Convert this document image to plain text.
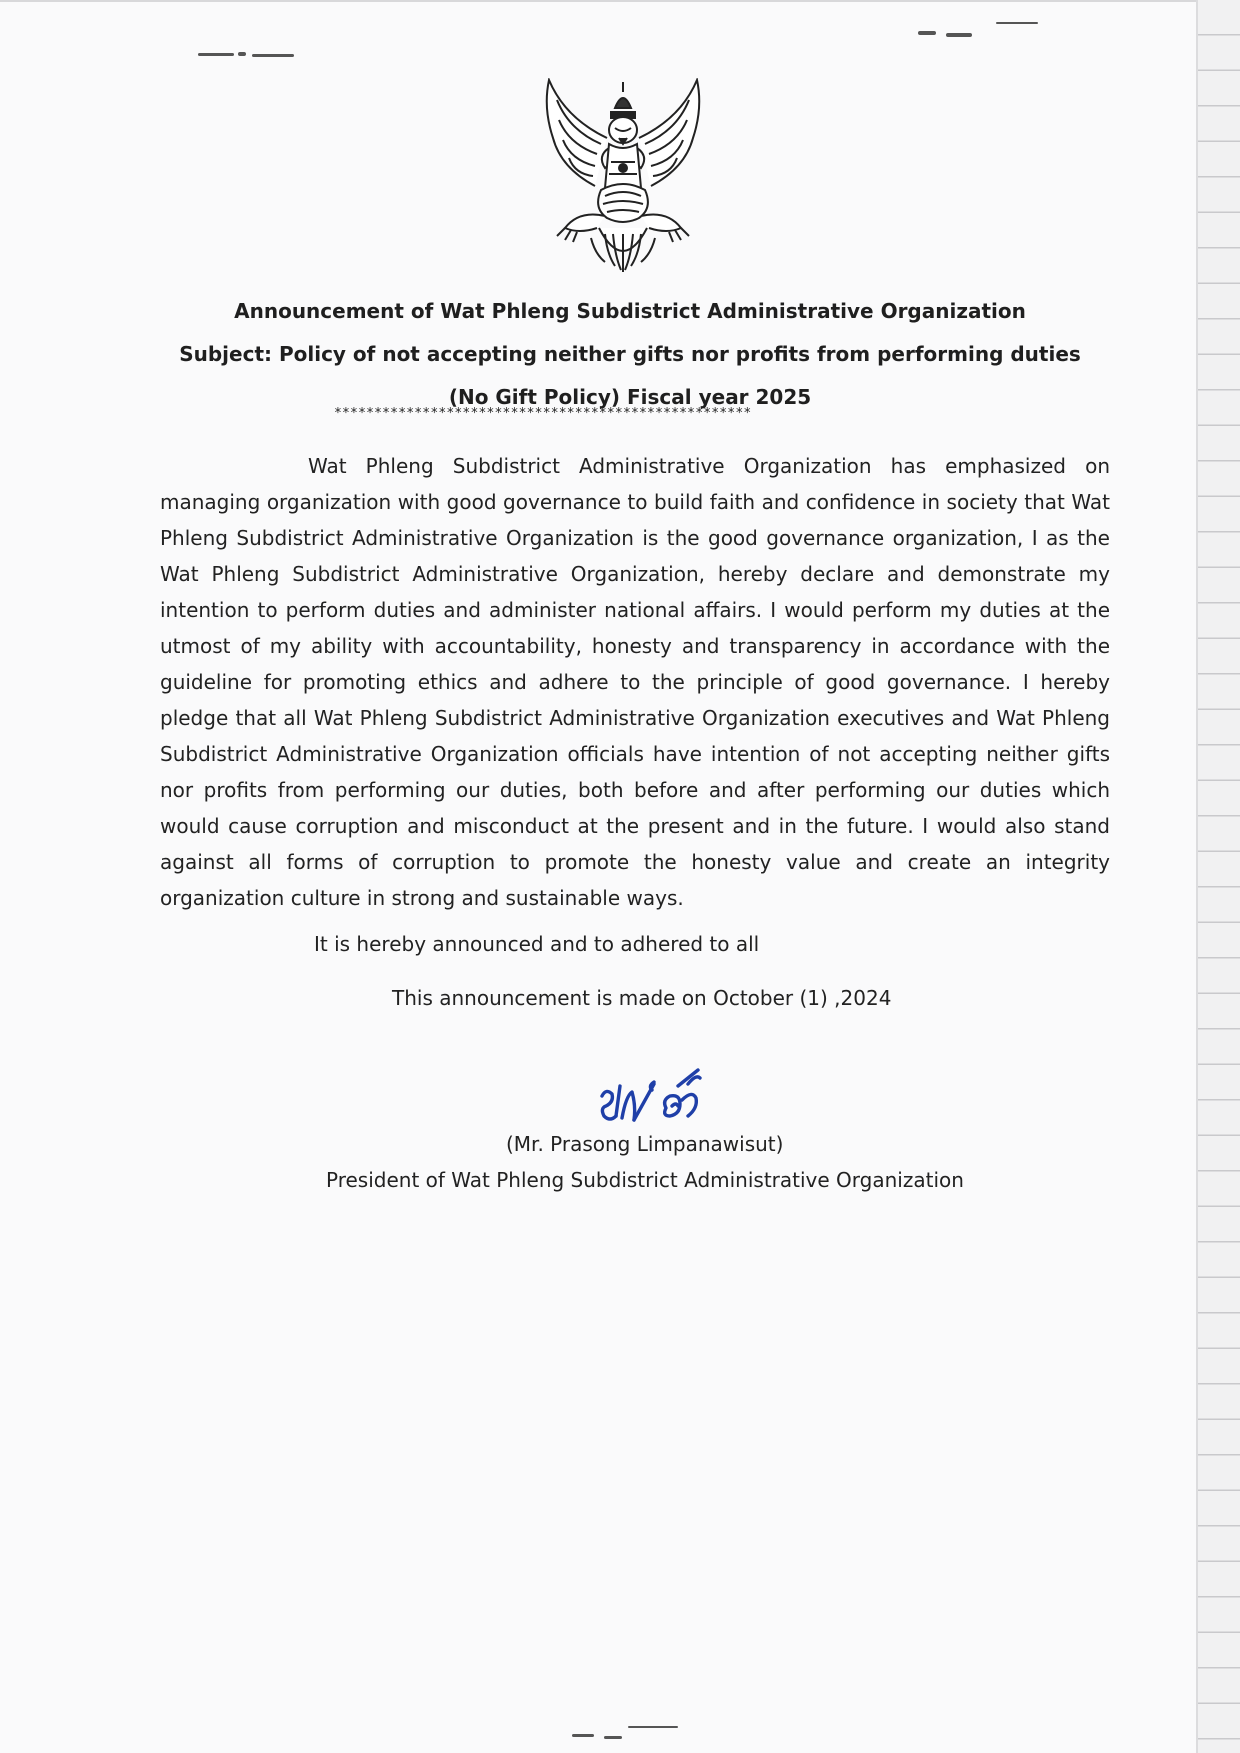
Announcement of Wat Phleng Subdistrict Administrative Organization
Subject: Policy of not accepting neither gifts nor profits from performing duties
(No Gift Policy) Fiscal year 2025
****************************************************

Wat Phleng Subdistrict Administrative Organization has emphasized on managing organization with good governance to build faith and confidence in society that Wat Phleng Subdistrict Administrative Organization is the good governance organization, I as the Wat Phleng Subdistrict Administrative Organization, hereby declare and demonstrate my intention to perform duties and administer national affairs. I would perform my duties at the utmost of my ability with accountability, honesty and transparency in accordance with the guideline for promoting ethics and adhere to the principle of good governance. I hereby pledge that all Wat Phleng Subdistrict Administrative Organization executives and Wat Phleng Subdistrict Administrative Organization officials have intention of not accepting neither gifts nor profits from performing our duties, both before and after performing our duties which would cause corruption and misconduct at the present and in the future. I would also stand against all forms of corruption to promote the honesty value and create an integrity organization culture in strong and sustainable ways.

It is hereby announced and to adhered to all
This announcement is made on October (1) ,2024
(Mr. Prasong Limpanawisut)
President of Wat Phleng Subdistrict Administrative Organization
